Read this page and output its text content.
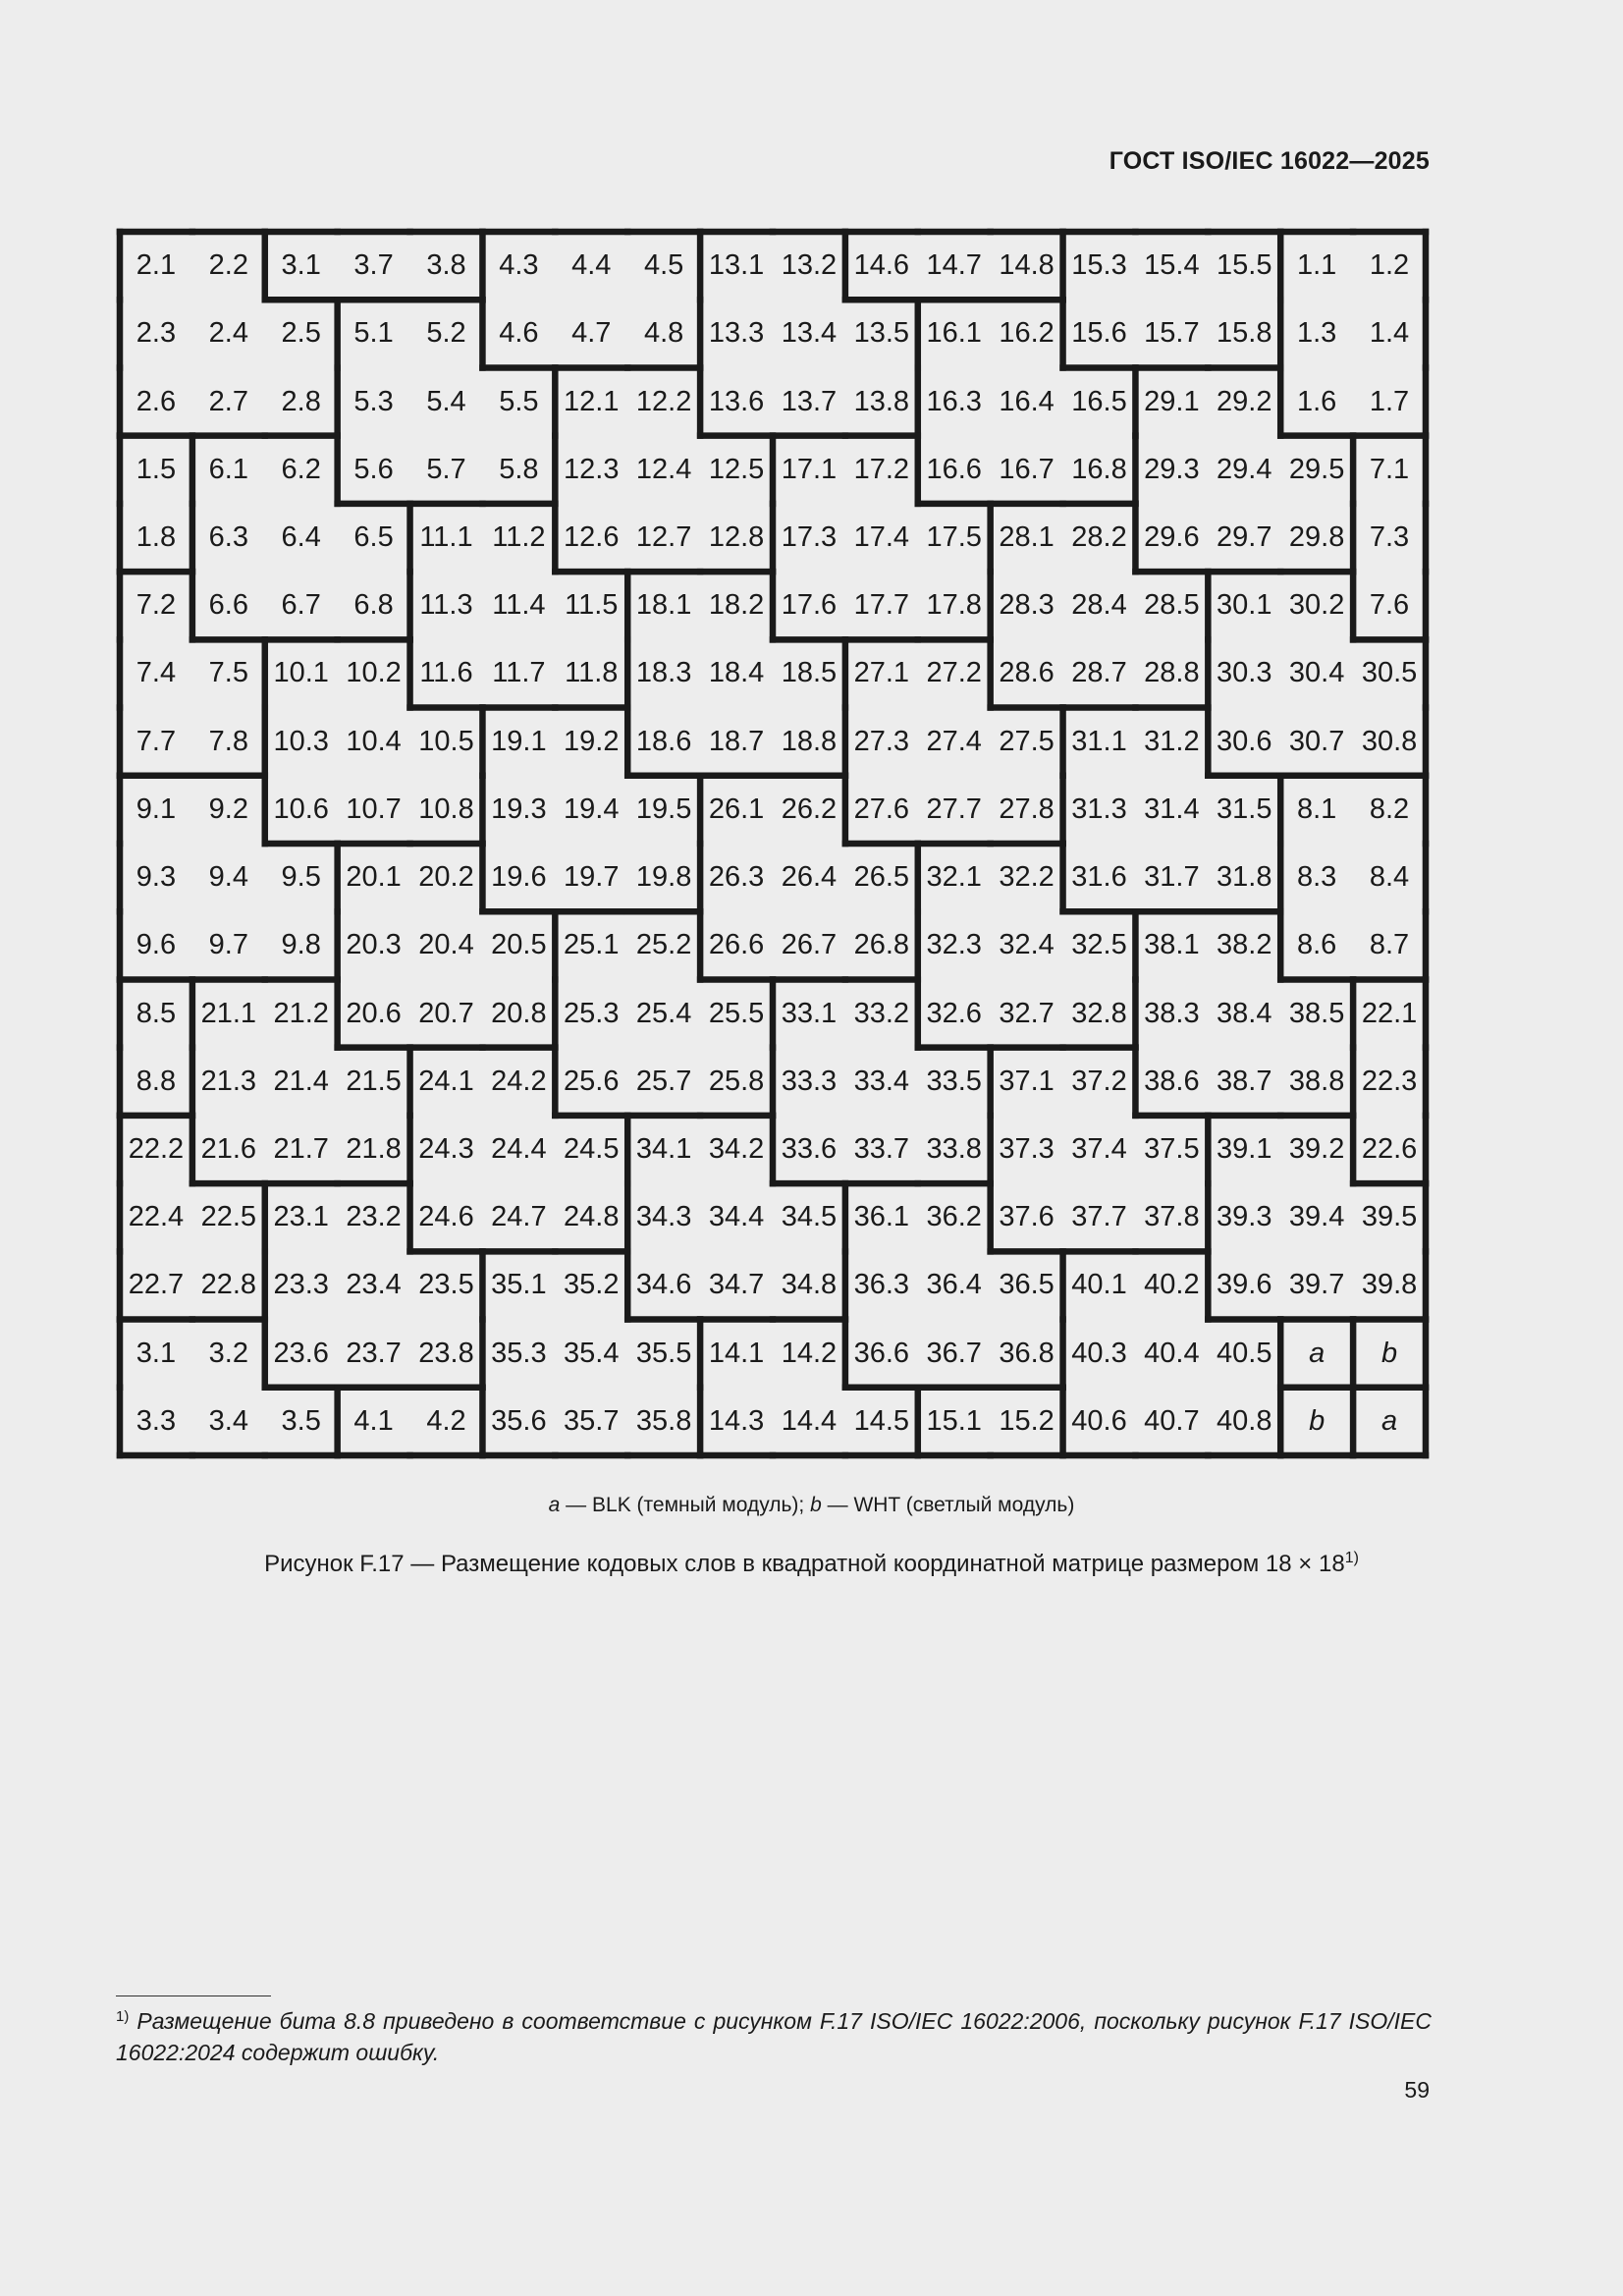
ГОСТ ISO/IEC 16022—2025
2.1	2.2	3.1	3.7	3.8	4.3	4.4	4.5 13.1 13.2 14.6 14.7 14.8 15.3 15.4 15.5 1.1	1.2
2.3	2.4	2.5	5.1	5.2	4.6	4.7	4.8 13.3 13.4 13.5 16.1 16.2 15.6 15.7 15.8 1.3	1.4
2.6	2.7	2.8	5.3	5.4	5.5 12.1 12.2 13.6 13.7 13.8 16.3 16.4 16.5 29.1 29.2 1.6	1.7
1.5	6.1	6.2	5.6	5.7	5.8 12.3 12.4 12.5 17.1 17.2 16.6 16.7 16.8 29.3 29.4 29.5 7.1
1.8	6.3	6.4	6.5 11.1 11.2 12.6 12.7 12.8 17.3 17.4 17.5 28.1 28.2 29.6 29.7 29.8 7.3
7.2	6.6	6.7	6.8 11.3 11.4 11.5 18.1 18.2 17.6 17.7 17.8 28.3 28.4 28.5 30.1 30.2 7.6
7.4	7.5 10.1 10.2 11.6 11.7 11.8 18.3 18.4 18.5 27.1 27.2 28.6 28.7 28.8 30.3 30.4 30.5
7.7	7.8 10.3 10.4 10.5 19.1 19.2 18.6 18.7 18.8 27.3 27.4 27.5 31.1 31.2 30.6 30.7 30.8
9.1	9.2 10.6 10.7 10.8 19.3 19.4 19.5 26.1 26.2 27.6 27.7 27.8 31.3 31.4 31.5 8.1	8.2
9.3	9.4	9.5 20.1 20.2 19.6 19.7 19.8 26.3 26.4 26.5 32.1 32.2 31.6 31.7 31.8 8.3	8.4
9.6	9.7	9.8 20.3 20.4 20.5 25.1 25.2 26.6 26.7 26.8 32.3 32.4 32.5 38.1 38.2 8.6	8.7
8.5 21.1 21.2 20.6 20.7 20.8 25.3 25.4 25.5 33.1 33.2 32.6 32.7 32.8 38.3 38.4 38.5 22.1
8.8 21.3 21.4 21.5 24.1 24.2 25.6 25.7 25.8 33.3 33.4 33.5 37.1 37.2 38.6 38.7 38.8 22.3
22.2 21.6 21.7 21.8 24.3 24.4 24.5 34.1 34.2 33.6 33.7 33.8 37.3 37.4 37.5 39.1 39.2 22.6
22.4 22.5 23.1 23.2 24.6 24.7 24.8 34.3 34.4 34.5 36.1 36.2 37.6 37.7 37.8 39.3 39.4 39.5
22.7 22.8 23.3 23.4 23.5 35.1 35.2 34.6 34.7 34.8 36.3 36.4 36.5 40.1 40.2 39.6 39.7 39.8
3.1	3.2 23.6 23.7 23.8 35.3 35.4 35.5 14.1 14.2 36.6 36.7 36.8 40.3 40.4 40.5	a	b
3.3	3.4	3.5	4.1	4.2 35.6 35.7 35.8 14.3 14.4 14.5 15.1 15.2 40.6 40.7 40.8	b	a
a — BLK (темный модуль); b — WHT (светлый модуль)
Рисунок F.17 — Размещение кодовых слов в квадратной координатной матрице размером $18 \times 18^{1)}$
$^{1)}$ Размещение бита 8.8 приведено в соответствие с рисунком F.17 ISO/IEC 16022:2006, поскольку рисунок F.17 ISO/IEC 16022:2024 содержит ошибку.
59
